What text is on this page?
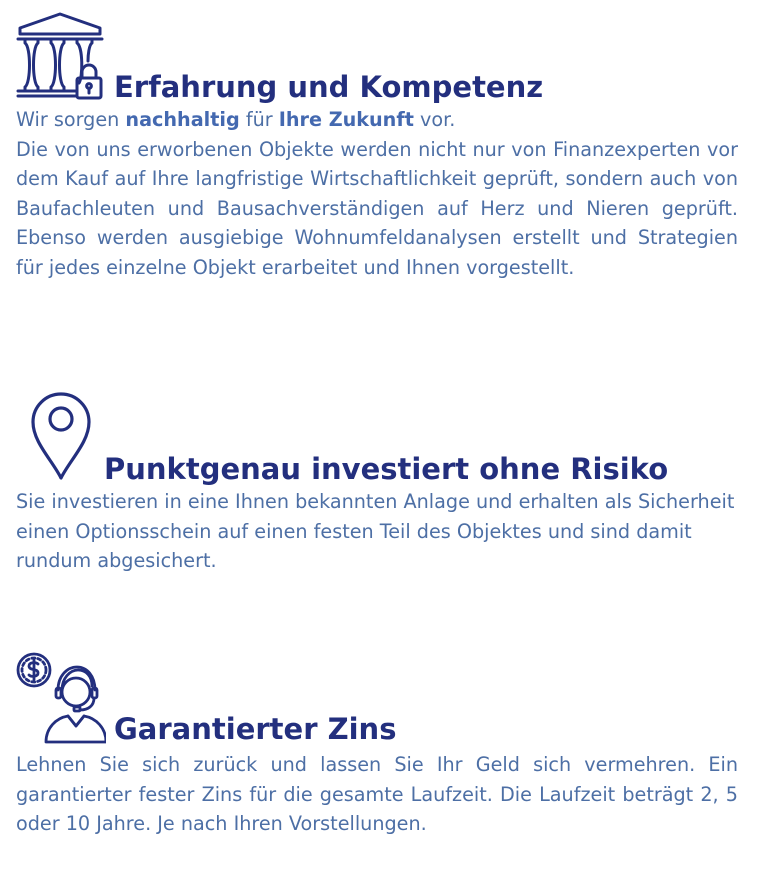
Erfahrung und Kompetenz

Wir sorgen nachhaltig für Ihre Zukunft vor.

Die von uns erworbenen Objekte werden nicht nur von Finanzexperten vor dem Kauf auf Ihre langfristige Wirtschaftlichkeit geprüft, sondern auch von Baufachleuten und Bausachverständigen auf Herz und Nieren geprüft. Ebenso werden ausgiebige Wohnumfeldanalysen erstellt und Strategien für jedes einzelne Objekt erarbeitet und Ihnen vorgestellt.

Punktgenau investiert ohne Risiko

Sie investieren in eine Ihnen bekannten Anlage und erhalten als Sicherheit einen Optionsschein auf einen festen Teil des Objektes und sind damit rundum abgesichert.

Garantierter Zins

Lehnen Sie sich zurück und lassen Sie Ihr Geld sich vermehren. Ein garantierter fester Zins für die gesamte Laufzeit. Die Laufzeit beträgt 2, 5 oder 10 Jahre. Je nach Ihren Vorstellungen.
